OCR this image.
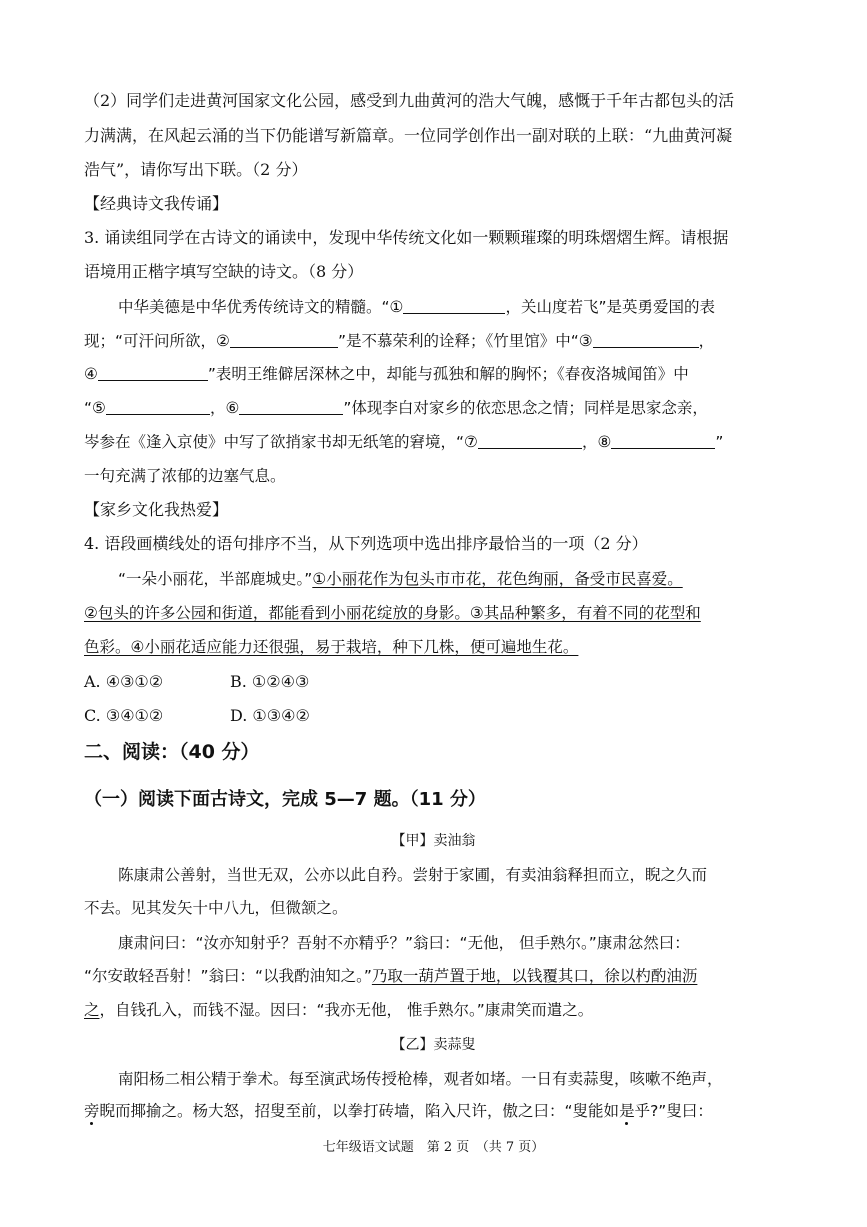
（2）同学们走进黄河国家文化公园，感受到九曲黄河的浩大气魄，感慨于千年古都包头的活
力满满，在风起云涌的当下仍能谱写新篇章。一位同学创作出一副对联的上联：“九曲黄河凝
浩气”，请你写出下联。（2 分）
【经典诗文我传诵】
3. 诵读组同学在古诗文的诵读中，发现中华传统文化如一颗颗璀璨的明珠熠熠生辉。请根据
语境用正楷字填写空缺的诗文。（8 分）
中华美德是中华优秀传统诗文的精髓。“①	，关山度若飞”是英勇爱国的表
现；“可汗问所欲，②	”是不慕荣利的诠释；《竹里馆》中“③	，
④	”表明王维僻居深林之中，却能与孤独和解的胸怀；《春夜洛城闻笛》中
“⑤	，⑥	”体现李白对家乡的依恋思念之情；同样是思家念亲，
岑参在《逢入京使》中写了欲捎家书却无纸笔的窘境，“⑦	，⑧	”
一句充满了浓郁的边塞气息。
【家乡文化我热爱】
4. 语段画横线处的语句排序不当，从下列选项中选出排序最恰当的一项（2 分）
“一朵小丽花，半部鹿城史。”①小丽花作为包头市市花，花色绚丽，备受市民喜爱。
②包头的许多公园和街道，都能看到小丽花绽放的身影。③其品种繁多，有着不同的花型和
色彩。④小丽花适应能力还很强，易于栽培，种下几株，便可遍地生花。
A. ④③①②	B. ①②④③
C. ③④①②	D. ①③④②
二、阅读：（40 分）
（一）阅读下面古诗文，完成 5—7 题。（11 分）
【甲】卖油翁
陈康肃公善射，当世无双，公亦以此自矜。尝射于家圃，有卖油翁释担而立，睨之久而
不去。见其发矢十中八九，但微颔之。
康肃问曰：“汝亦知射乎？吾射不亦精乎？”翁曰：“无他， 但手熟尔。”康肃忿然曰：
“尔安敢轻吾射！”翁曰：“以我酌油知之。”乃取一葫芦置于地，以钱覆其口，徐以杓酌油沥
之，自钱孔入，而钱不湿。因曰：“我亦无他， 惟手熟尔。”康肃笑而遣之。
【乙】卖蒜叟
南阳杨二相公精于拳术。每至演武场传授枪棒，观者如堵。一日有卖蒜叟，咳嗽不绝声，
旁睨而揶揄之。杨大怒，招叟至前，以拳打砖墙，陷入尺许，傲之曰：“叟能如是乎?”叟曰：
七年级语文试题　第 2 页　（共 7 页）
